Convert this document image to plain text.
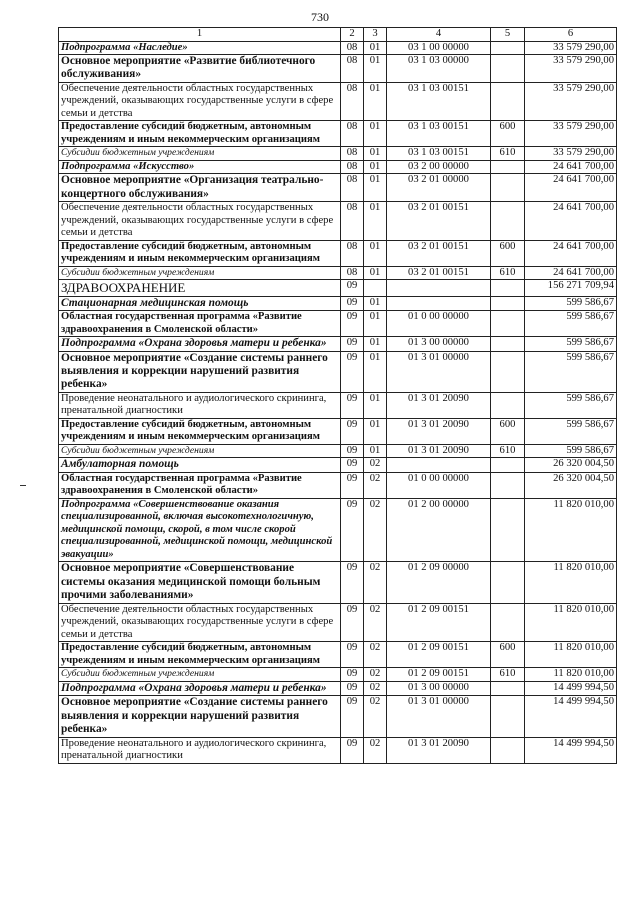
730
1	2	3	4	5	6
Подпрограмма «Наследие»	08	01	03 1 00 00000		33 579 290,00
Основное мероприятие «Развитие библиотечного обслуживания»	08	01	03 1 03 00000		33 579 290,00
Обеспечение деятельности областных государственных учреждений, оказывающих государственные услуги в сфере семьи и детства	08	01	03 1 03 00151		33 579 290,00
Предоставление субсидий бюджетным, автономным учреждениям и иным некоммерческим организациям	08	01	03 1 03 00151	600	33 579 290,00
Субсидии бюджетным учреждениям	08	01	03 1 03 00151	610	33 579 290,00
Подпрограмма «Искусство»	08	01	03 2 00 00000		24 641 700,00
Основное мероприятие «Организация театрально-концертного обслуживания»	08	01	03 2 01 00000		24 641 700,00
Обеспечение деятельности областных государственных учреждений, оказывающих государственные услуги в сфере семьи и детства	08	01	03 2 01 00151		24 641 700,00
Предоставление субсидий бюджетным, автономным учреждениям и иным некоммерческим организациям	08	01	03 2 01 00151	600	24 641 700,00
Субсидии бюджетным учреждениям	08	01	03 2 01 00151	610	24 641 700,00
ЗДРАВООХРАНЕНИЕ	09				156 271 709,94
Стационарная медицинская помощь	09	01			599 586,67
Областная государственная программа «Развитие здравоохранения в Смоленской области»	09	01	01 0 00 00000		599 586,67
Подпрограмма «Охрана здоровья матери и ребенка»	09	01	01 3 00 00000		599 586,67
Основное мероприятие «Создание системы раннего выявления и коррекции нарушений развития ребенка»	09	01	01 3 01 00000		599 586,67
Проведение неонатального и аудиологического скрининга, пренатальной диагностики	09	01	01 3 01 20090		599 586,67
Предоставление субсидий бюджетным, автономным учреждениям и иным некоммерческим организациям	09	01	01 3 01 20090	600	599 586,67
Субсидии бюджетным учреждениям	09	01	01 3 01 20090	610	599 586,67
Амбулаторная помощь	09	02			26 320 004,50
Областная государственная программа «Развитие здравоохранения в Смоленской области»	09	02	01 0 00 00000		26 320 004,50
Подпрограмма «Совершенствование оказания специализированной, включая высокотехнологичную, медицинской помощи, скорой, в том числе скорой специализированной, медицинской помощи, медицинской эвакуации»	09	02	01 2 00 00000		11 820 010,00
Основное мероприятие «Совершенствование системы оказания медицинской помощи больным прочими заболеваниями»	09	02	01 2 09 00000		11 820 010,00
Обеспечение деятельности областных государственных учреждений, оказывающих государственные услуги в сфере семьи и детства	09	02	01 2 09 00151		11 820 010,00
Предоставление субсидий бюджетным, автономным учреждениям и иным некоммерческим организациям	09	02	01 2 09 00151	600	11 820 010,00
Субсидии бюджетным учреждениям	09	02	01 2 09 00151	610	11 820 010,00
Подпрограмма «Охрана здоровья матери и ребенка»	09	02	01 3 00 00000		14 499 994,50
Основное мероприятие «Создание системы раннего выявления и коррекции нарушений развития ребенка»	09	02	01 3 01 00000		14 499 994,50
Проведение неонатального и аудиологического скрининга, пренатальной диагностики	09	02	01 3 01 20090		14 499 994,50
